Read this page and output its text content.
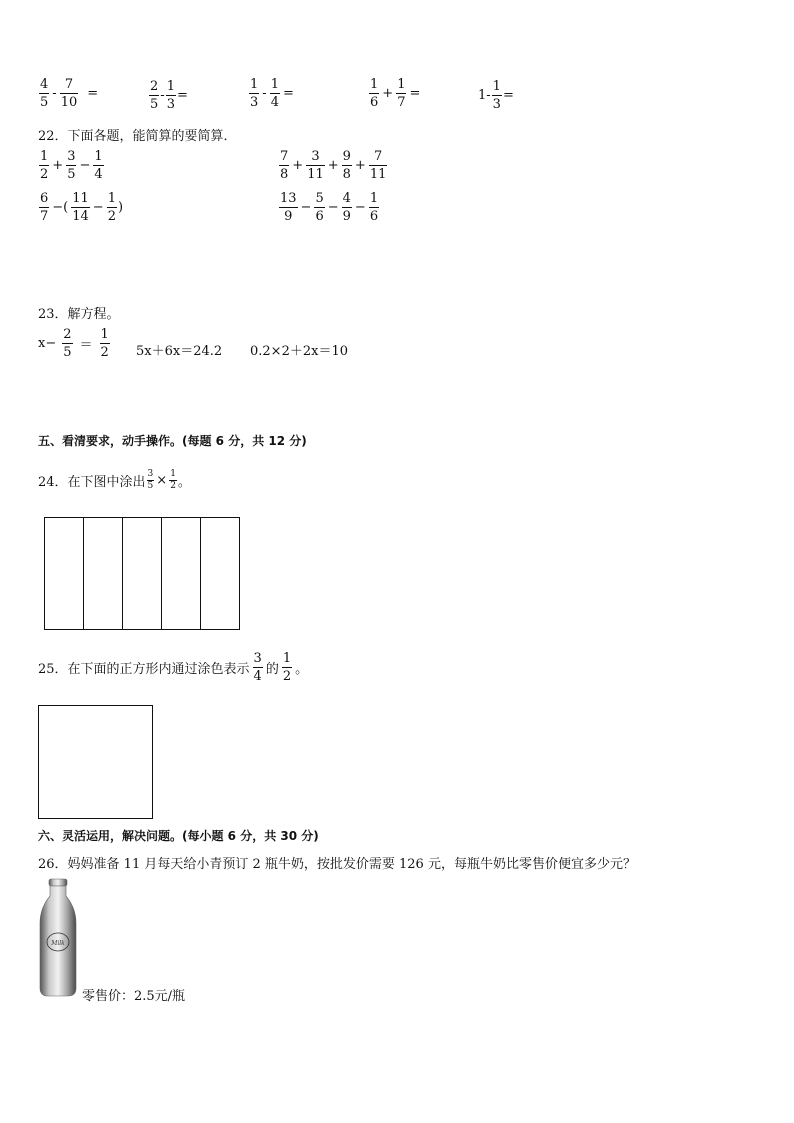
$\frac{4}{5} - \frac{7}{10}$ =	$\frac{2}{5} - \frac{1}{3}$ =	$\frac{1}{3} - \frac{1}{4}$ =	$\frac{1}{6} + \frac{1}{7}$ =	$1- \frac{1}{3}$ =
22．下面各题，能简算的要简算．
$\frac{1}{2} + \frac{3}{5} - \frac{1}{4}$	$\frac{7}{8} + \frac{3}{11} + \frac{9}{8} + \frac{7}{11}$
$\frac{6}{7}$ −( $\frac{11}{14} - \frac{1}{2}$ )	$\frac{13}{9} - \frac{5}{6} - \frac{4}{9} - \frac{1}{6}$
23．解方程。
$x- \frac{2}{5} = \frac{1}{2} 5x+6x=24.2$ 0.2×2＋2x＝10
五、看清要求，动手操作。(每题 6 分，共 12 分)
24．在下图中涂出 $\frac{3}{5} \times \frac{1}{2}$ 。
25．在下面的正方形内通过涂色表示 $\frac{3}{4}$ 的 $\frac{1}{2}$ 。
六、灵活运用，解决问题。(每小题 6 分，共 30 分)
26．妈妈准备 11 月每天给小青预订 2 瓶牛奶，按批发价需要 126 元，每瓶牛奶比零售价便宜多少元？
Milk
零售价：2.5元/瓶
